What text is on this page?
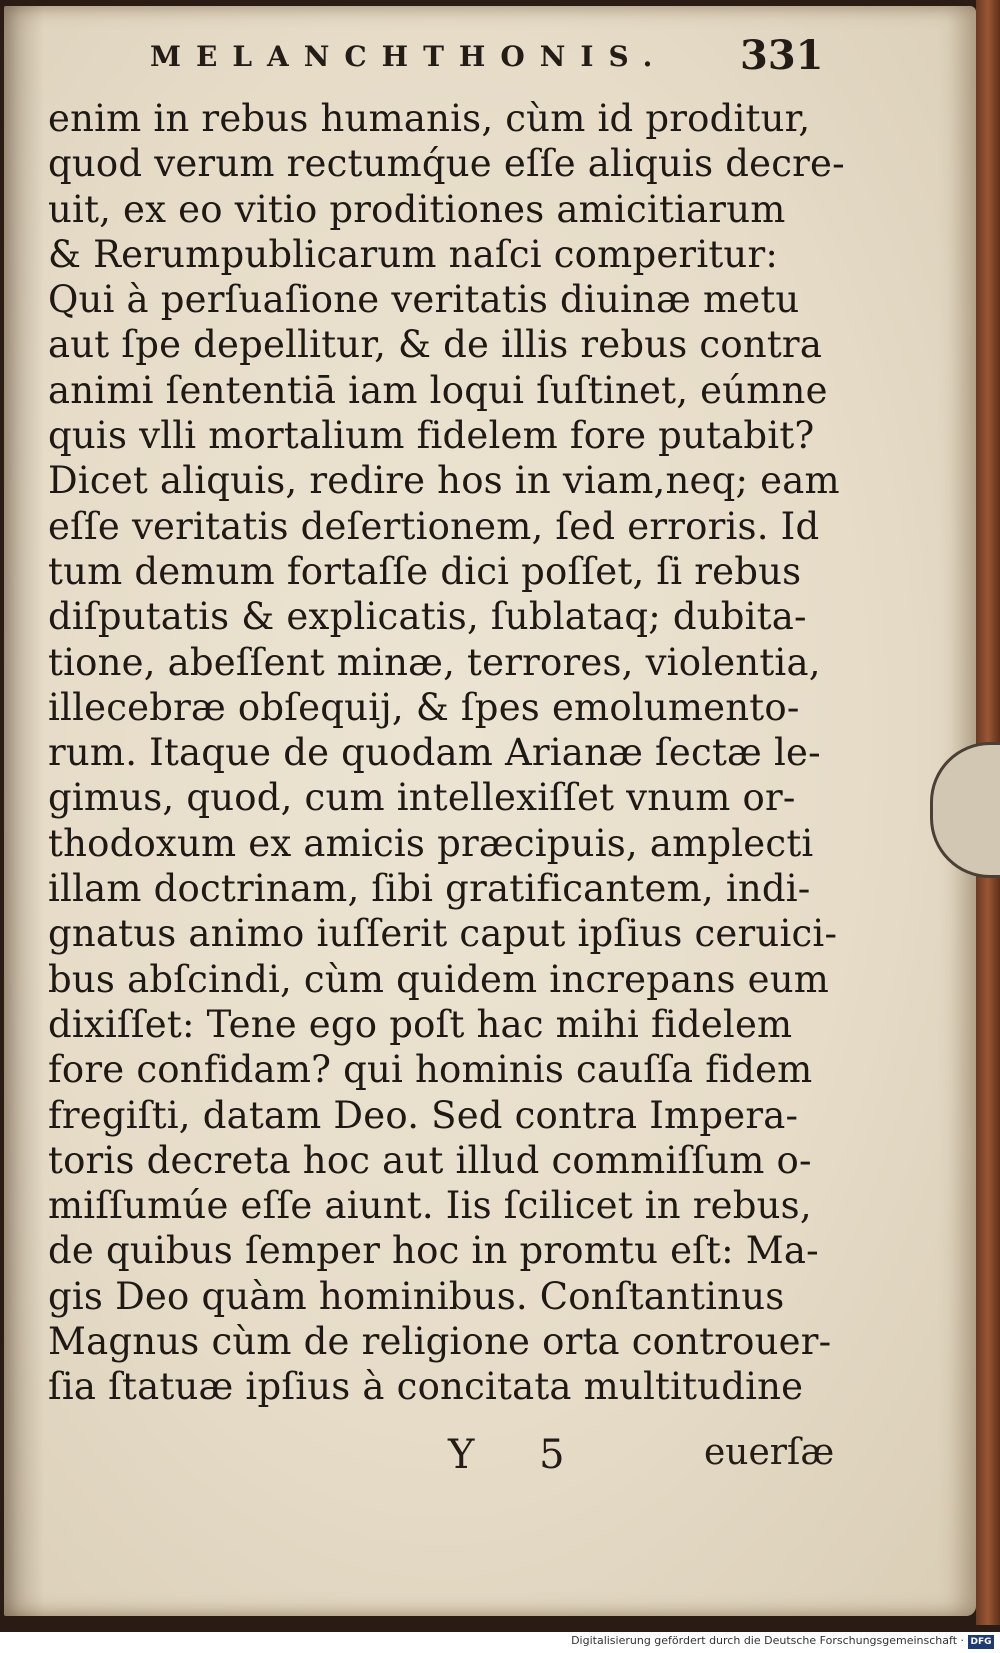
MELANCHTHONIS. 331
enim in rebus humanis, cùm id proditur,
quod verum rectumq́ue eſſe aliquis decre-
uit, ex eo vitio proditiones amicitiarum
& Rerumpublicarum naſci comperitur:
Qui à perſuaſione veritatis diuinæ metu
aut ſpe depellitur, & de illis rebus contra
animi ſententiā iam loqui ſuſtinet, eúmne
quis vlli mortalium fidelem fore putabit?
Dicet aliquis, redire hos in viam,neq; eam
eſſe veritatis deſertionem, ſed erroris. Id
tum demum fortaſſe dici poſſet, ſi rebus
diſputatis & explicatis, ſublataq; dubita-
tione, abeſſent minæ, terrores, violentia,
illecebræ obſequij, & ſpes emolumento-
rum. Itaque de quodam Arianæ ſectæ le-
gimus, quod, cum intellexiſſet vnum or-
thodoxum ex amicis præcipuis, amplecti
illam doctrinam, ſibi gratificantem, indi-
gnatus animo iuſſerit caput ipſius ceruici-
bus abſcindi, cùm quidem increpans eum
dixiſſet: Tene ego poſt hac mihi fidelem
fore confidam? qui hominis cauſſa fidem
fregiſti, datam Deo. Sed contra Impera-
toris decreta hoc aut illud commiſſum o-
miſſumúe eſſe aiunt. Iis ſcilicet in rebus,
de quibus ſemper hoc in promtu eſt: Ma-
gis Deo quàm hominibus. Conſtantinus
Magnus cùm de religione orta controuer-
ſia ſtatuæ ipſius à concitata multitudine
Y 5	euerſæ
Digitalisierung gefördert durch die Deutsche Forschungsgemeinschaft · DFG
